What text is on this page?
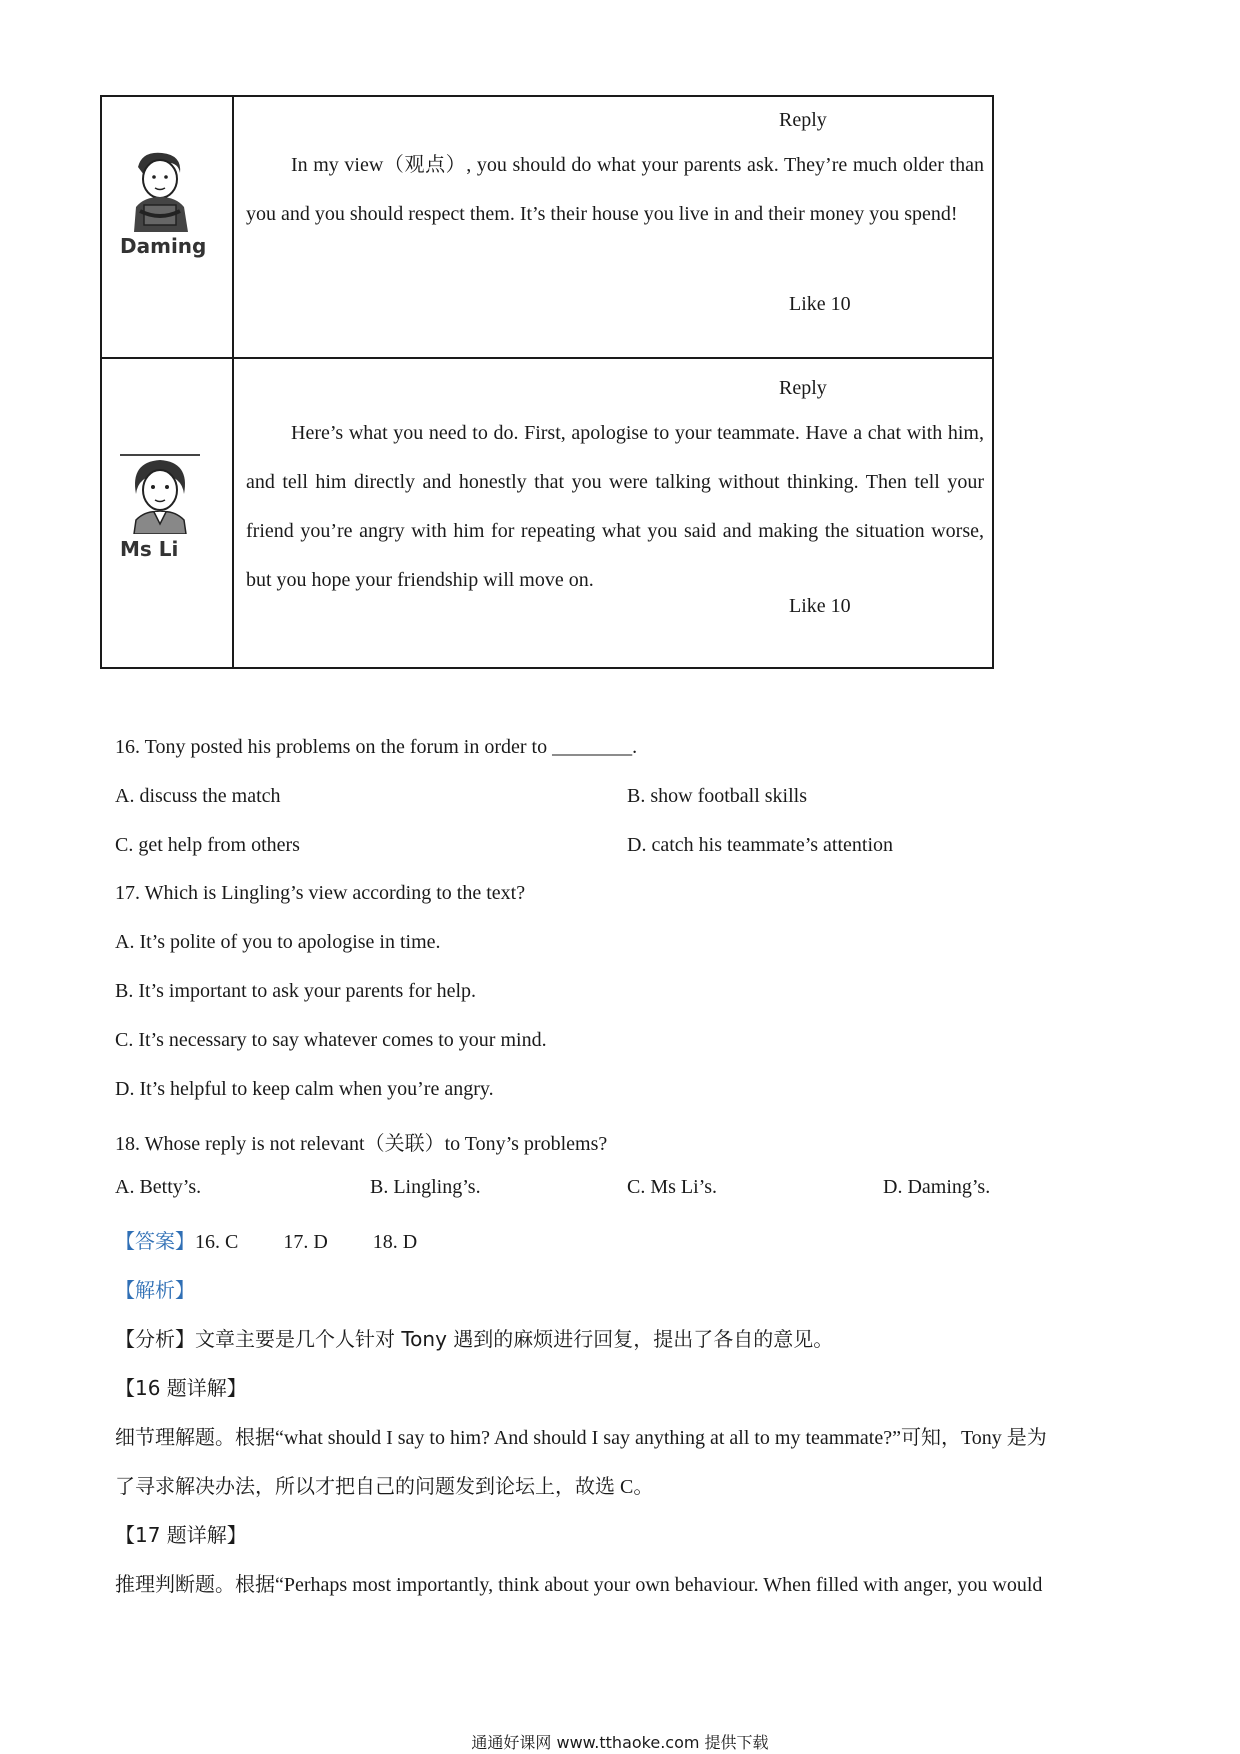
Daming
Reply
In my view（观点）, you should do what your parents ask. They’re much older than you and you should respect them. It’s their house you live in and their money you spend!
Like 10
Ms Li
Reply
Here’s what you need to do. First, apologise to your teammate. Have a chat with him, and tell him directly and honestly that you were talking without thinking. Then tell your friend you’re angry with him for repeating what you said and making the situation worse, but you hope your friendship will move on.
Like 10
16. Tony posted his problems on the forum in order to ________.
A. discuss the match	B. show football skills
C. get help from others	D. catch his teammate’s attention
17. Which is Lingling’s view according to the text?
A. It’s polite of you to apologise in time.
B. It’s important to ask your parents for help.
C. It’s necessary to say whatever comes to your mind.
D. It’s helpful to keep calm when you’re angry.
18. Whose reply is not relevant（关联）to Tony’s problems?
A. Betty’s.	B. Lingling’s.	C. Ms Li’s.	D. Daming’s.
【答案】16. C 17. D 18. D
【解析】
【分析】文章主要是几个人针对 Tony 遇到的麻烦进行回复，提出了各自的意见。
【16 题详解】
细节理解题。根据“what should I say to him? And should I say anything at all to my teammate?”可知，Tony 是为
了寻求解决办法，所以才把自己的问题发到论坛上，故选 C。
【17 题详解】
推理判断题。根据“Perhaps most importantly, think about your own behaviour. When filled with anger, you would
通通好课网 www.tthaoke.com 提供下载
